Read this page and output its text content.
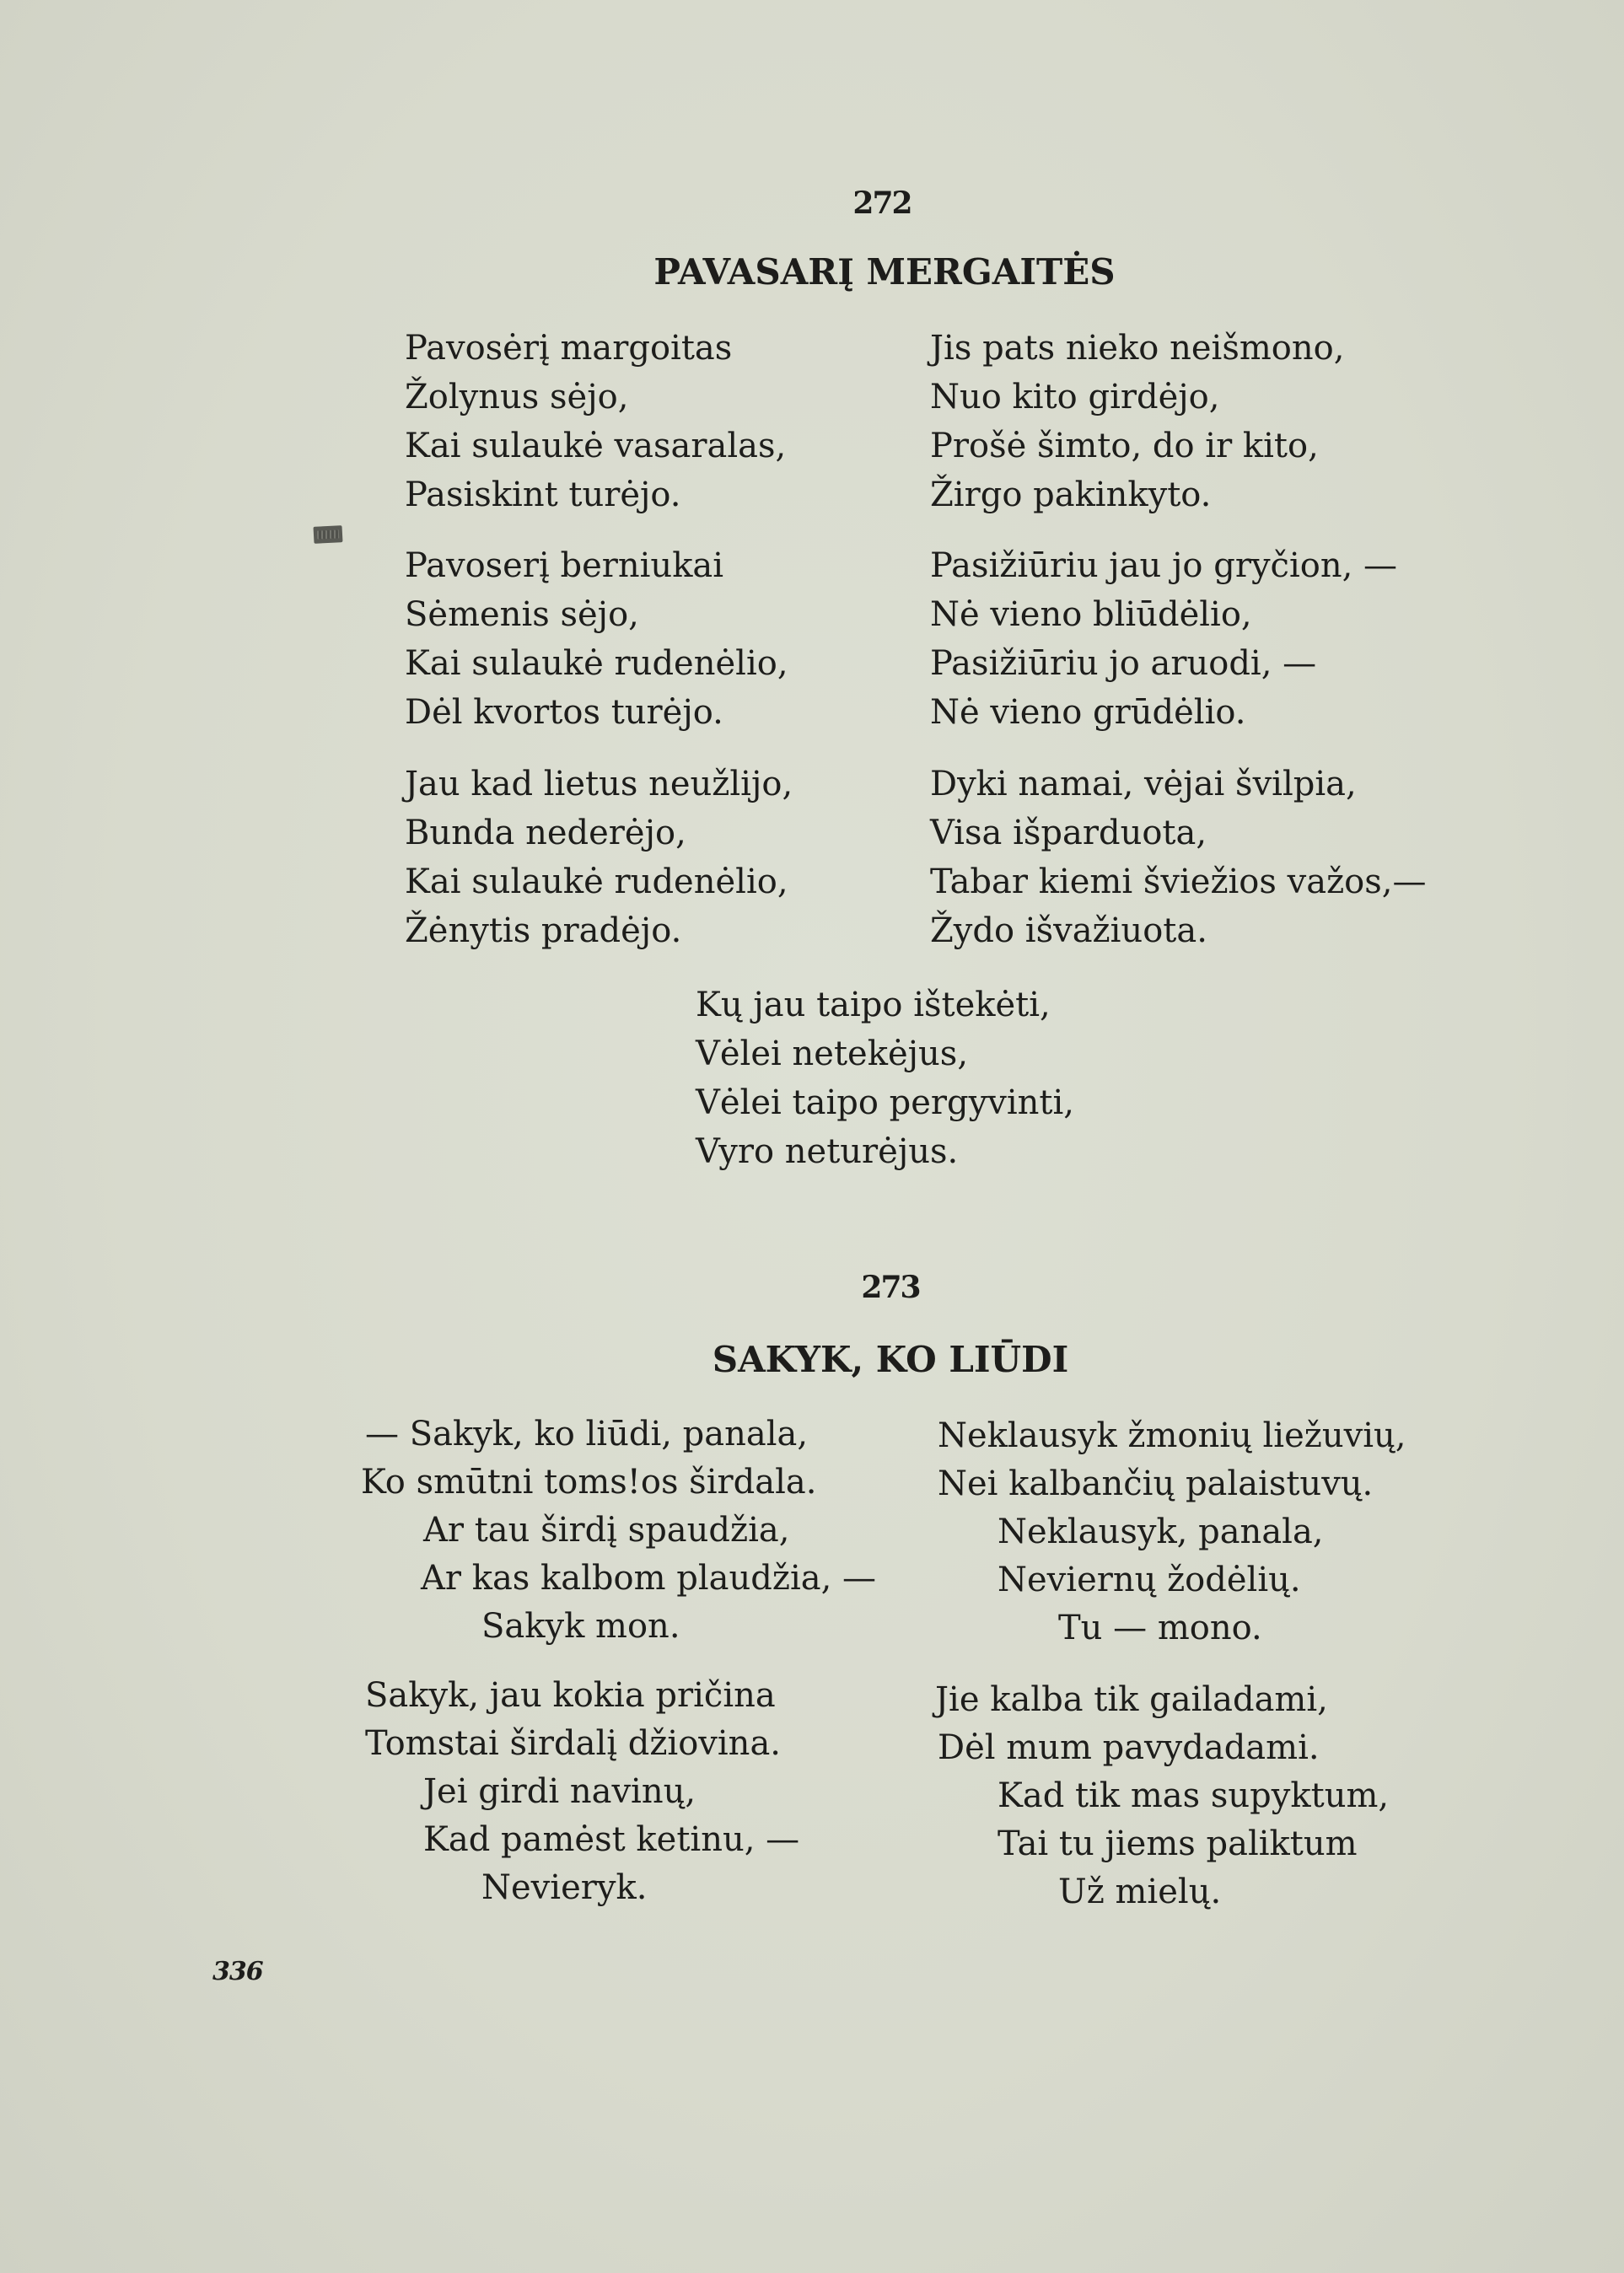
272
PAVASARĮ MERGAITĖS
Pavosėrį margoitas
Žolynus sėjo,
Kai sulaukė vasaralas,
Pasiskint turėjo.
Pavoserį berniukai
Sėmenis sėjo,
Kai sulaukė rudenėlio,
Dėl kvortos turėjo.
Jau kad lietus neužlijo,
Bunda nederėjo,
Kai sulaukė rudenėlio,
Žėnytis pradėjo.
Jis pats nieko neišmono,
Nuo kito girdėjo,
Prošė šimto, do ir kito,
Žirgo pakinkyto.
Pasižiūriu jau jo gryčion, —
Nė vieno bliūdėlio,
Pasižiūriu jo aruodi, —
Nė vieno grūdėlio.
Dyki namai, vėjai švilpia,
Visa išparduota,
Tabar kiemi šviežios važos,—
Žydo išvažiuota.
Kų jau taipo ištekėti,
Vėlei netekėjus,
Vėlei taipo pergyvinti,
Vyro neturėjus.
273
SAKYK, KO LIŪDI
— Sakyk, ko liūdi, panala,
Ko smūtni toms!os širdala.
Ar tau širdį spaudžia,
Ar kas kalbom plaudžia, —
Sakyk mon.
Sakyk, jau kokia pričina
Tomstai širdalį džiovina.
Jei girdi navinų,
Kad pamėst ketinu, —
Nevieryk.
Neklausyk žmonių liežuvių,
Nei kalbančių palaistuvų.
Neklausyk, panala,
Neviernų žodėlių.
Tu — mono.
Jie kalba tik gailadami,
Dėl mum pavydadami.
Kad tik mas supyktum,
Tai tu jiems paliktum
Už mielų.
336
